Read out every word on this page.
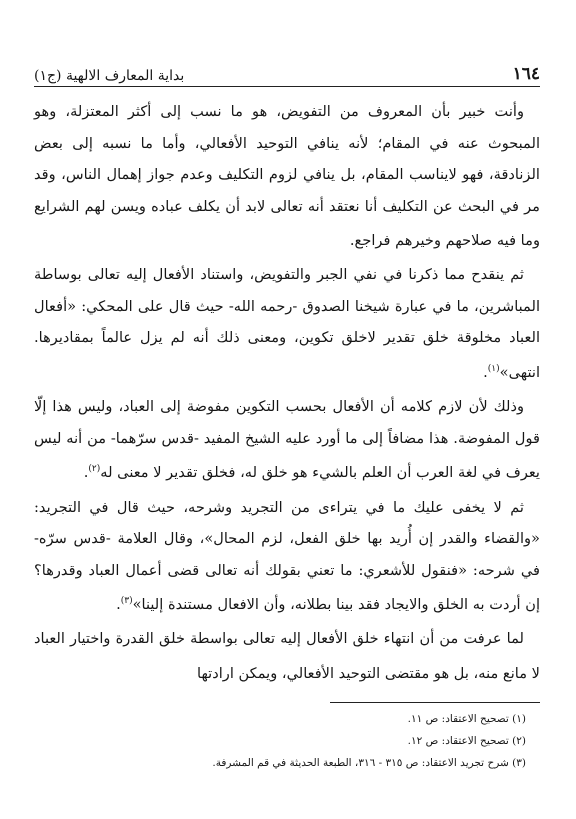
١٦٤
بداية المعارف الالهية (ج١)

وأنت خبير بأن المعروف من التفويض، هو ما نسب إلى أكثر المعتزلة، وهو المبحوث عنه في المقام؛ لأنه ينافي التوحيد الأفعالي، وأما ما نسبه إلى بعض الزنادقة، فهو لايناسب المقام، بل ينافي لزوم التكليف وعدم جواز إهمال الناس، وقد مر في البحث عن التكليف أنا نعتقد أنه تعالى لابد أن يكلف عباده ويسن لهم الشرايع وما فيه صلاحهم وخيرهم فراجع.

ثم ينقدح مما ذكرنا في نفي الجبر والتفويض، واستناد الأفعال إليه تعالى بوساطة المباشرين، ما في عبارة شيخنا الصدوق -رحمه الله- حيث قال على المحكي: «أفعال العباد مخلوقة خلق تقدير لاخلق تكوين، ومعنى ذلك أنه لم يزل عالماً بمقاديرها. انتهى»$^{(١)}$.

وذلك لأن لازم كلامه أن الأفعال بحسب التكوين مفوضة إلى العباد، وليس هذا إلّا قول المفوضة. هذا مضافاً إلى ما أورد عليه الشيخ المفيد -قدس سرّهما- من أنه ليس يعرف في لغة العرب أن العلم بالشيء هو خلق له، فخلق تقدير لا معنى له$^{(٢)}$.

ثم لا يخفى عليك ما في يتراءى من التجريد وشرحه، حيث قال في التجريد: «والقضاء والقدر إن أُريد بها خلق الفعل، لزم المحال»، وقال العلامة -قدس سرّه- في شرحه: «فنقول للأشعري: ما تعني بقولك أنه تعالى قضى أعمال العباد وقدرها؟ إن أردت به الخلق والايجاد فقد بينا بطلانه، وأن الافعال مستندة إلينا»$^{(٣)}$.

لما عرفت من أن انتهاء خلق الأفعال إليه تعالى بواسطة خلق القدرة واختيار العباد لا مانع منه، بل هو مقتضى التوحيد الأفعالي، ويمكن ارادتها

(١) تصحيح الاعتقاد: ص ١١.
(٢) تصحيح الاعتقاد: ص ١٢.
(٣) شرح تجريد الاعتقاد: ص ٣١٥ - ٣١٦، الطبعة الحديثة في قم المشرفة.
